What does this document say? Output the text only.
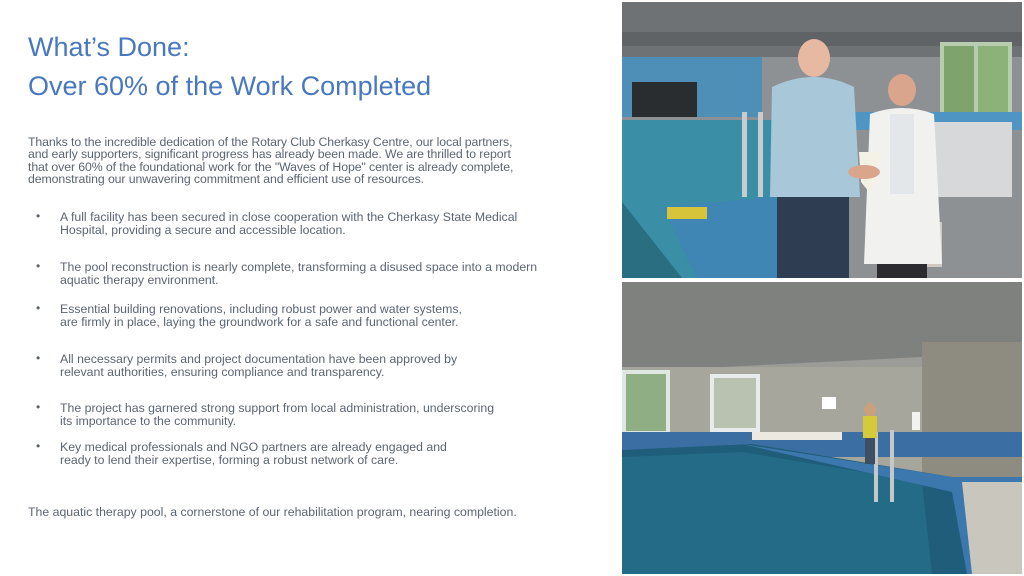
What’s Done:
Over 60% of the Work Completed

Thanks to the incredible dedication of the Rotary Club Cherkasy Centre, our local partners,
and early supporters, significant progress has already been made. We are thrilled to report
that over 60% of the foundational work for the "Waves of Hope" center is already complete,
demonstrating our unwavering commitment and efficient use of resources.

• A full facility has been secured in close cooperation with the Cherkasy State Medical
Hospital, providing a secure and accessible location.
• The pool reconstruction is nearly complete, transforming a disused space into a modern
aquatic therapy environment.
• Essential building renovations, including robust power and water systems,
are firmly in place, laying the groundwork for a safe and functional center.
• All necessary permits and project documentation have been approved by
relevant authorities, ensuring compliance and transparency.
• The project has garnered strong support from local administration, underscoring
its importance to the community.
• Key medical professionals and NGO partners are already engaged and
ready to lend their expertise, forming a robust network of care.

The aquatic therapy pool, a cornerstone of our rehabilitation program, nearing completion.
